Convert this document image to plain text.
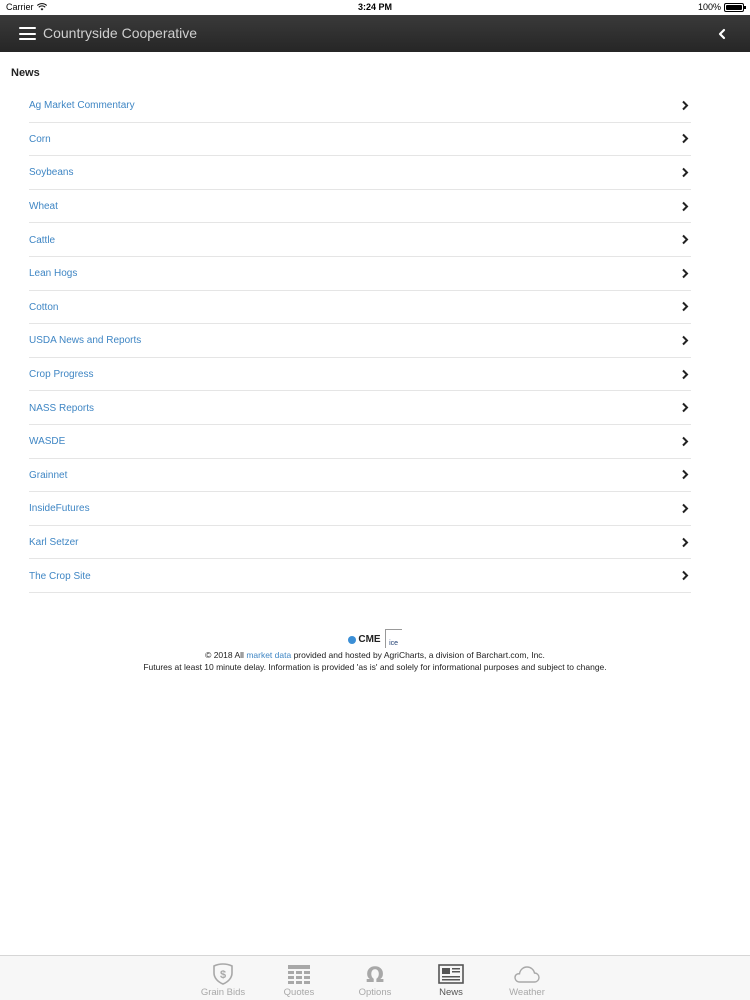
Carrier	3:24 PM	100%
Countryside Cooperative
News
Ag Market Commentary
Corn
Soybeans
Wheat
Cattle
Lean Hogs
Cotton
USDA News and Reports
Crop Progress
NASS Reports
WASDE
Grainnet
InsideFutures
Karl Setzer
The Crop Site
CME	ice
© 2018 All market data provided and hosted by AgriCharts, a division of Barchart.com, Inc.
Futures at least 10 minute delay. Information is provided 'as is' and solely for informational purposes and subject to change.
$
Grain Bids	Quotes
Ω
Options	News	Weather
